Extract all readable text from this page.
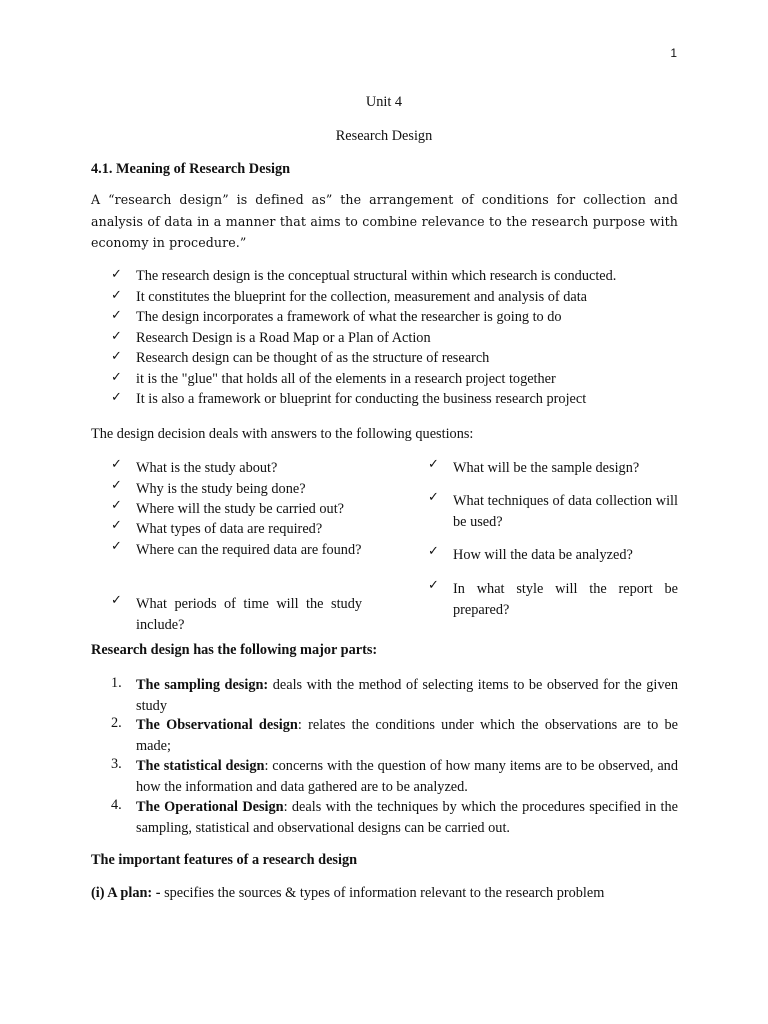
1
Unit 4
Research Design
4.1. Meaning of Research Design
A “research design” is defined as” the arrangement of conditions for collection and analysis of data in a manner that aims to combine relevance to the research purpose with economy in procedure.”
✓ The research design is the conceptual structural within which research is conducted.
✓ It constitutes the blueprint for the collection, measurement and analysis of data
✓ The design incorporates a framework of what the researcher is going to do
✓ Research Design is a Road Map or a Plan of Action
✓ Research design can be thought of as the structure of research
✓ it is the "glue" that holds all of the elements in a research project together
✓ It is also a framework or blueprint for conducting the business research project
The design decision deals with answers to the following questions:
✓ What is the study about?
✓ Why is the study being done?
✓ Where will the study be carried out?
✓ What types of data are required?
✓ Where can the required data are found?
✓ What periods of time will the study include?
✓ What will be the sample design?
✓ What techniques of data collection will be used?
✓ How will the data be analyzed?
✓ In what style will the report be prepared?
Research design has the following major parts:
1. The sampling design: deals with the method of selecting items to be observed for the given study
2. The Observational design: relates the conditions under which the observations are to be made;
3. The statistical design: concerns with the question of how many items are to be observed, and how the information and data gathered are to be analyzed.
4. The Operational Design: deals with the techniques by which the procedures specified in the sampling, statistical and observational designs can be carried out.
The important features of a research design
(i) A plan: - specifies the sources & types of information relevant to the research problem
